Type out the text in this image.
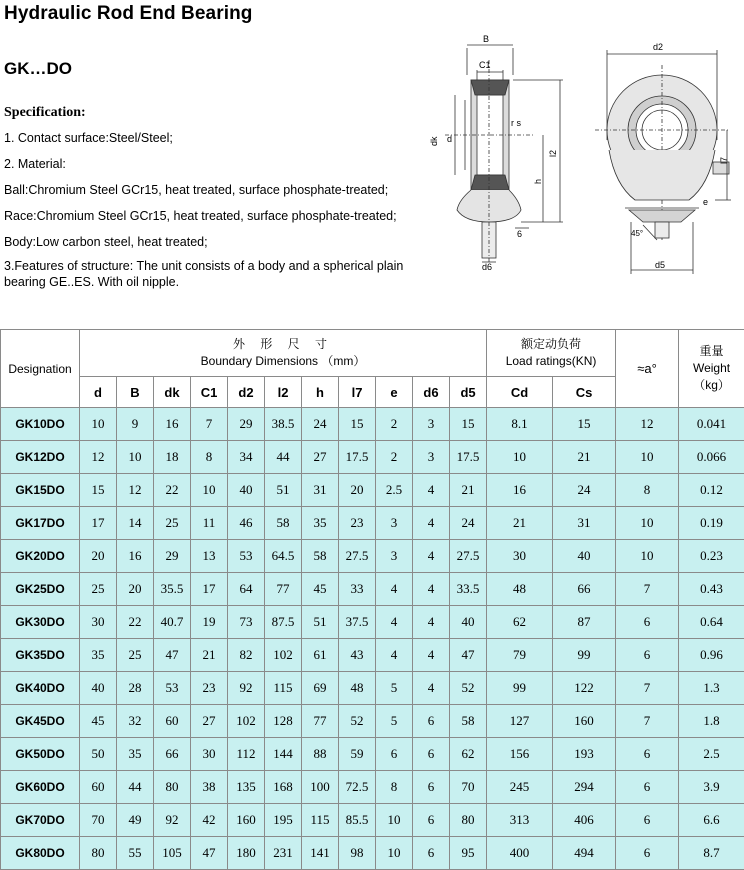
Hydraulic Rod End Bearing
GK…DO
Specification:
1. Contact surface:Steel/Steel;
2. Material:
Ball:Chromium Steel GCr15, heat treated, surface phosphate-treated;
Race:Chromium Steel GCr15, heat treated, surface phosphate-treated;
Body:Low carbon steel, heat treated;
3.Features of structure: The unit consists of a body and a spherical plain bearing GE..ES. With oil nipple.
B
C1
dk d
r s
l2
h
6
d6
d2
l7
e
45°
d5
Designation	外 形 尺 寸
Boundary Dimensions （mm）											额定动负荷
Load ratings(KN)		≈a°	重量
Weight
（kg）

	d	B	dk	C1	d2	l2	h	l7	e	d6	d5	Cd	Cs		
GK10DO	10	9	16	7	29	38.5	24	15	2	3	15	8.1	15	12	0.041
GK12DO	12	10	18	8	34	44	27	17.5	2	3	17.5	10	21	10	0.066
GK15DO	15	12	22	10	40	51	31	20	2.5	4	21	16	24	8	0.12
GK17DO	17	14	25	11	46	58	35	23	3	4	24	21	31	10	0.19
GK20DO	20	16	29	13	53	64.5	58	27.5	3	4	27.5	30	40	10	0.23
GK25DO	25	20	35.5	17	64	77	45	33	4	4	33.5	48	66	7	0.43
GK30DO	30	22	40.7	19	73	87.5	51	37.5	4	4	40	62	87	6	0.64
GK35DO	35	25	47	21	82	102	61	43	4	4	47	79	99	6	0.96
GK40DO	40	28	53	23	92	115	69	48	5	4	52	99	122	7	1.3
GK45DO	45	32	60	27	102	128	77	52	5	6	58	127	160	7	1.8
GK50DO	50	35	66	30	112	144	88	59	6	6	62	156	193	6	2.5
GK60DO	60	44	80	38	135	168	100	72.5	8	6	70	245	294	6	3.9
GK70DO	70	49	92	42	160	195	115	85.5	10	6	80	313	406	6	6.6
GK80DO	80	55	105	47	180	231	141	98	10	6	95	400	494	6	8.7
